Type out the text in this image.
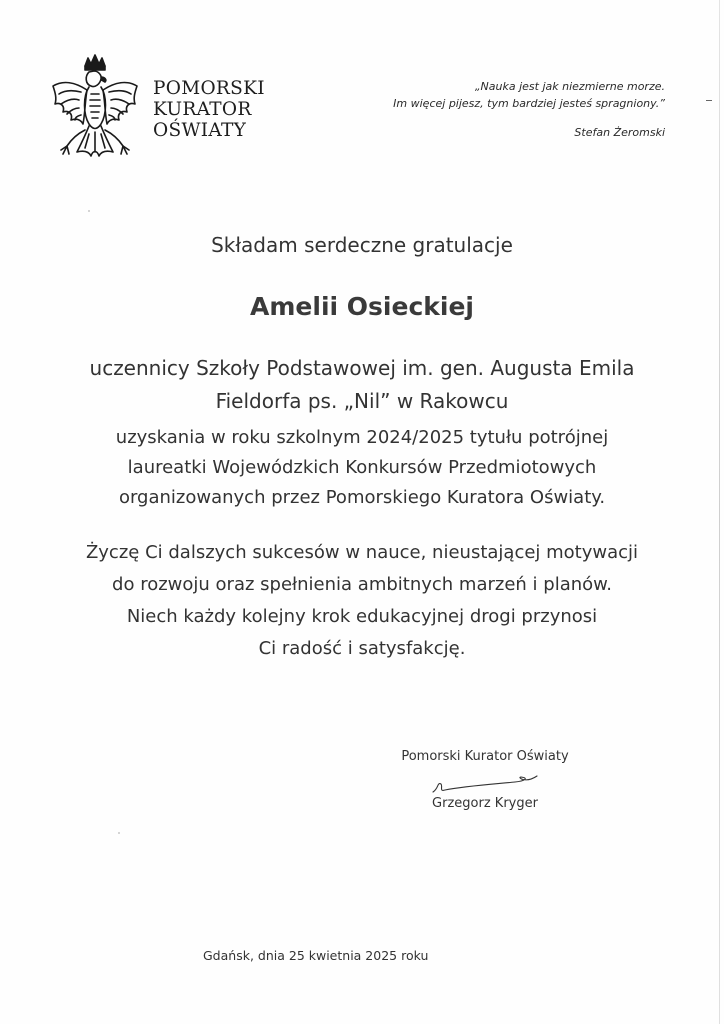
POMORSKI
KURATOR
OŚWIATY
„Nauka jest jak niezmierne morze.
Im więcej pijesz, tym bardziej jesteś spragniony.”
Stefan Żeromski
Składam serdeczne gratulacje
Amelii Osieckiej
uczennicy Szkoły Podstawowej im. gen. Augusta Emila
Fieldorfa ps. „Nil” w Rakowcu
uzyskania w roku szkolnym 2024/2025 tytułu potrójnej
laureatki Wojewódzkich Konkursów Przedmiotowych
organizowanych przez Pomorskiego Kuratora Oświaty.
Życzę Ci dalszych sukcesów w nauce, nieustającej motywacji
do rozwoju oraz spełnienia ambitnych marzeń i planów.
Niech każdy kolejny krok edukacyjnej drogi przynosi
Ci radość i satysfakcję.
Pomorski Kurator Oświaty
Grzegorz Kryger
Gdańsk, dnia 25 kwietnia 2025 roku
